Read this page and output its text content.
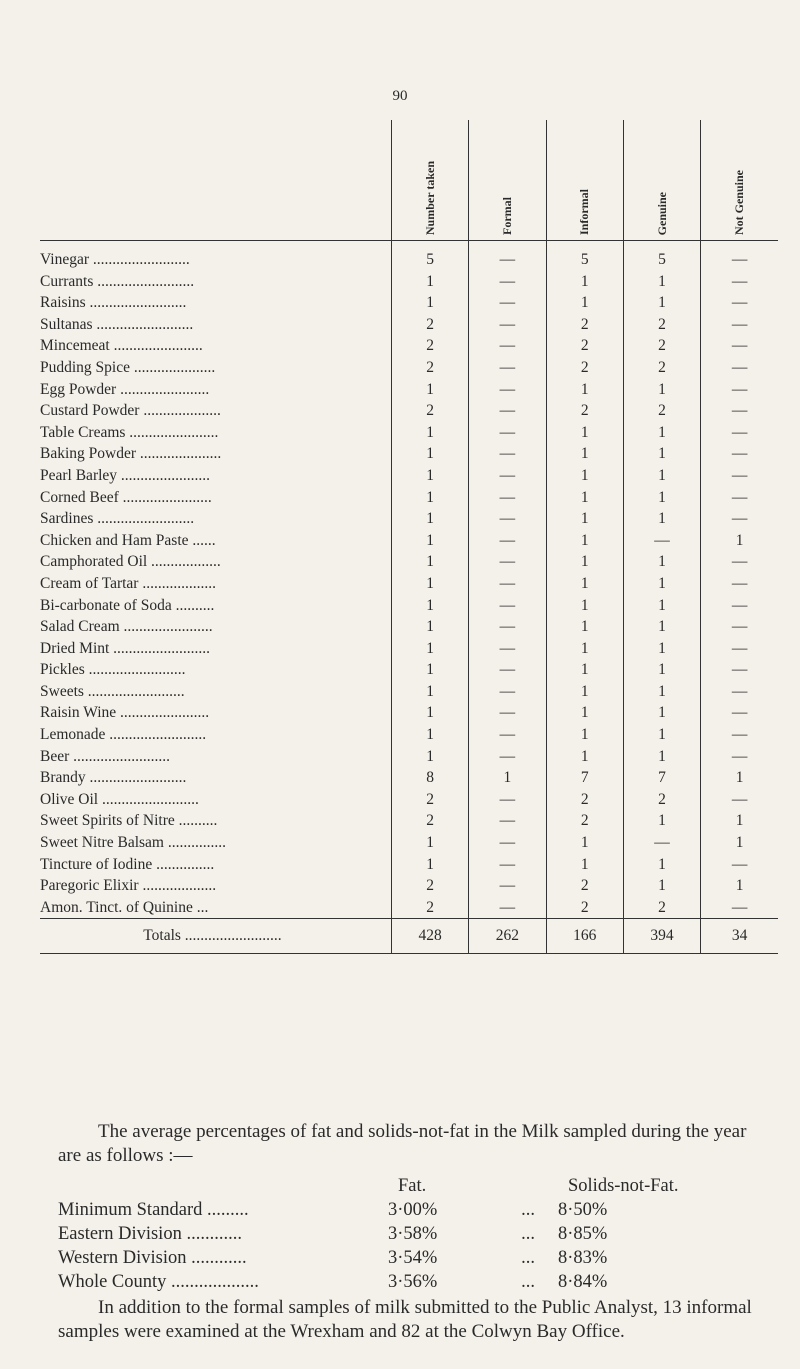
90
	Number taken	Formal	Informal	Genuine	Not Genuine
Vinegar .........................	5	—	5	5	—
Currants .........................	1	—	1	1	—
Raisins .........................	1	—	1	1	—
Sultanas .........................	2	—	2	2	—
Mincemeat .......................	2	—	2	2	—
Pudding Spice .....................	2	—	2	2	—
Egg Powder .......................	1	—	1	1	—
Custard Powder ....................	2	—	2	2	—
Table Creams .......................	1	—	1	1	—
Baking Powder .....................	1	—	1	1	—
Pearl Barley .......................	1	—	1	1	—
Corned Beef .......................	1	—	1	1	—
Sardines .........................	1	—	1	1	—
Chicken and Ham Paste ......	1	—	1	—	1
Camphorated Oil ..................	1	—	1	1	—
Cream of Tartar ...................	1	—	1	1	—
Bi-carbonate of Soda ..........	1	—	1	1	—
Salad Cream .......................	1	—	1	1	—
Dried Mint .........................	1	—	1	1	—
Pickles .........................	1	—	1	1	—
Sweets .........................	1	—	1	1	—
Raisin Wine .......................	1	—	1	1	—
Lemonade .........................	1	—	1	1	—
Beer .........................	1	—	1	1	—
Brandy .........................	8	1	7	7	1
Olive Oil .........................	2	—	2	2	—
Sweet Spirits of Nitre ..........	2	—	2	1	1
Sweet Nitre Balsam ...............	1	—	1	—	1
Tincture of Iodine ...............	1	—	1	1	—
Paregoric Elixir ...................	2	—	2	1	1
Amon. Tinct. of Quinine ...	2	—	2	2	—
Totals .........................	428	262	166	394	34
The average percentages of fat and solids-not-fat in the Milk sampled during the year are as follows :—
Fat.	Solids-not-Fat.
Minimum Standard .........	3·00%	...	8·50%
Eastern Division ............	3·58%	...	8·85%
Western Division ............	3·54%	...	8·83%
Whole County ...................	3·56%	...	8·84%
In addition to the formal samples of milk submitted to the Public Analyst, 13 informal samples were examined at the Wrexham and 82 at the Colwyn Bay Office.
